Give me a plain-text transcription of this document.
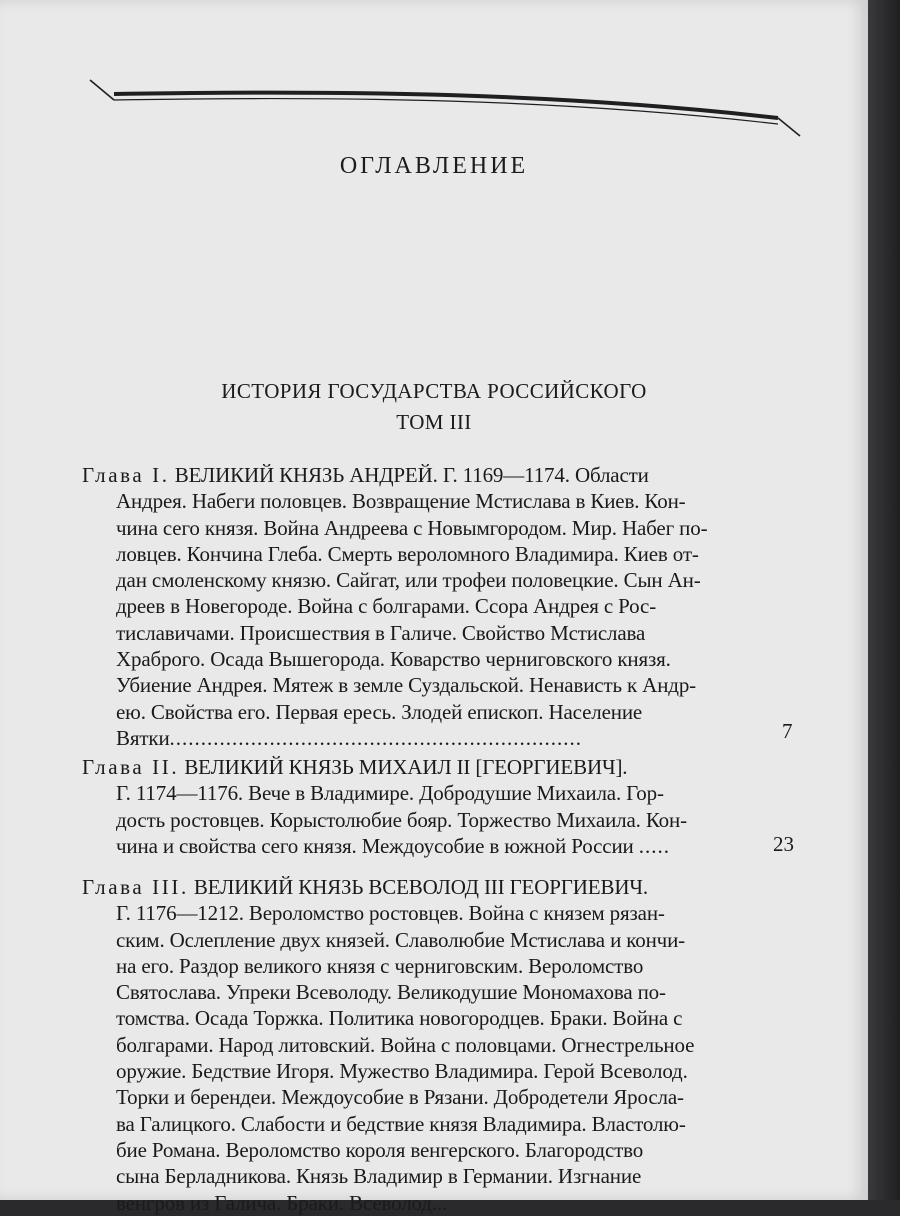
ОГЛАВЛЕНИЕ
ИСТОРИЯ ГОСУДАРСТВА РОССИЙСКОГО
ТОМ III
Глава I. ВЕЛИКИЙ КНЯЗЬ АНДРЕЙ. Г. 1169—1174. Области
Андрея. Набеги половцев. Возвращение Мстислава в Киев. Кон-
чина сего князя. Война Андреева с Новымгородом. Мир. Набег по-
ловцев. Кончина Глеба. Смерть вероломного Владимира. Киев от-
дан смоленскому князю. Сайгат, или трофеи половецкие. Сын Ан-
дреев в Новегороде. Война с болгарами. Ссора Андрея с Рос-
тиславичами. Происшествия в Галиче. Свойство Мстислава
Храброго. Осада Вышегорода. Коварство черниговского князя.
Убиение Андрея. Мятеж в земле Суздальской. Ненависть к Андр-
ею. Свойства его. Первая ересь. Злодей епископ. Население
Вятки..................................................................	7
Глава II. ВЕЛИКИЙ КНЯЗЬ МИХАИЛ II [ГЕОРГИЕВИЧ].
Г. 1174—1176. Вече в Владимире. Добродушие Михаила. Гор-
дость ростовцев. Корыстолюбие бояр. Торжество Михаила. Кон-
чина и свойства сего князя. Междоусобие в южной России .....	23
Глава III. ВЕЛИКИЙ КНЯЗЬ ВСЕВОЛОД III ГЕОРГИЕВИЧ.
Г. 1176—1212. Вероломство ростовцев. Война с князем рязан-
ским. Ослепление двух князей. Славолюбие Мстислава и кончи-
на его. Раздор великого князя с черниговским. Вероломство
Святослава. Упреки Всеволоду. Великодушие Мономахова по-
томства. Осада Торжка. Политика новогородцев. Браки. Война с
болгарами. Народ литовский. Война с половцами. Огнестрельное
оружие. Бедствие Игоря. Мужество Владимира. Герой Всеволод.
Торки и берендеи. Междоусобие в Рязани. Добродетели Яросла-
ва Галицкого. Слабости и бедствие князя Владимира. Властолю-
бие Романа. Вероломство короля венгерского. Благородство
сына Берладникова. Князь Владимир в Германии. Изгнание
венгров из Галича. Браки. Всеволод...
